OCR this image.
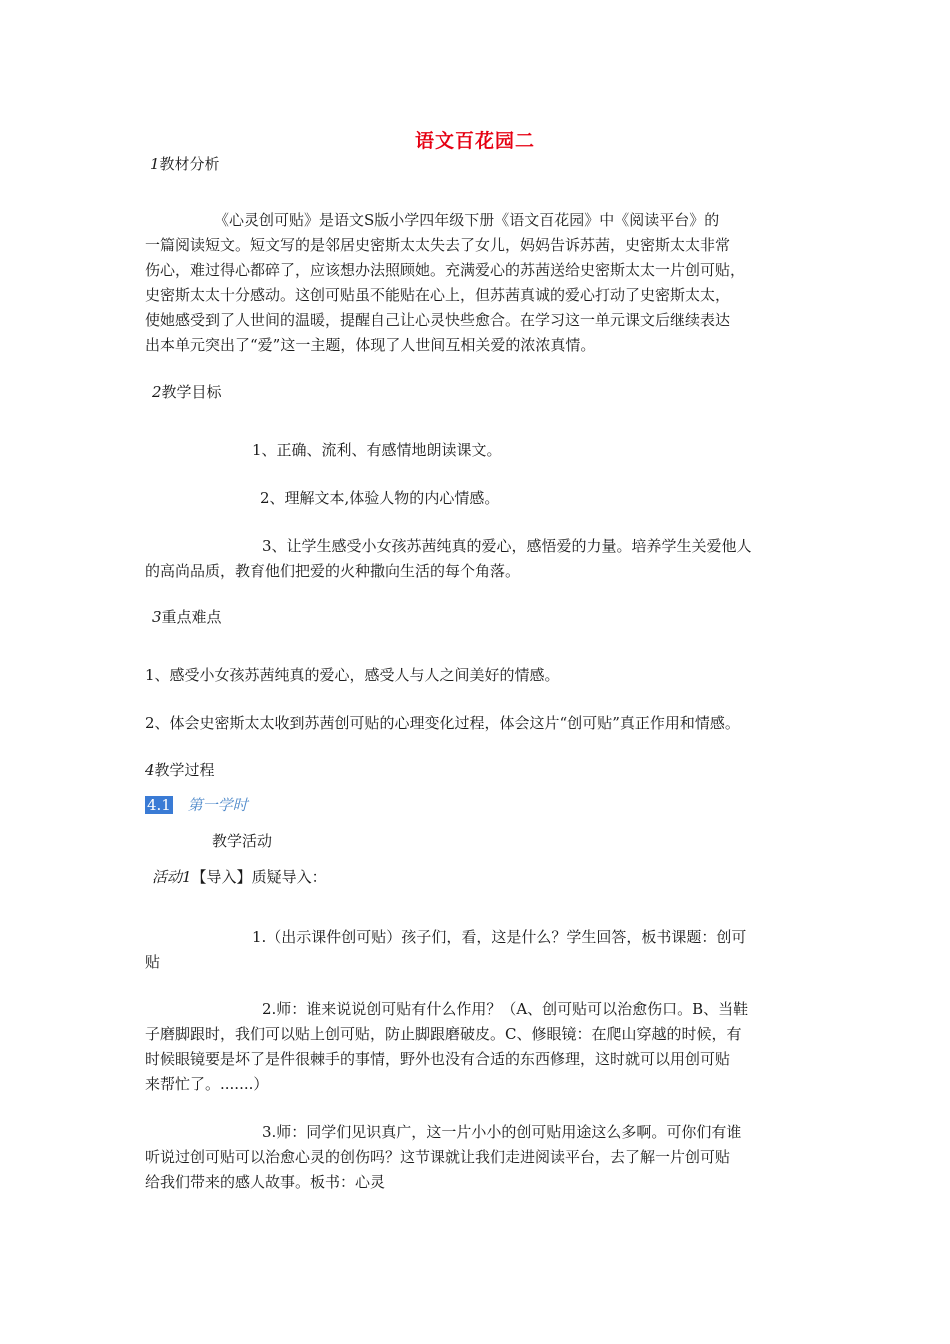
语文百花园二
1教材分析
《心灵创可贴》是语文S版小学四年级下册《语文百花园》中《阅读平台》的
一篇阅读短文。短文写的是邻居史密斯太太失去了女儿，妈妈告诉苏茜，史密斯太太非常
伤心，难过得心都碎了，应该想办法照顾她。充满爱心的苏茜送给史密斯太太一片创可贴，
史密斯太太十分感动。这创可贴虽不能贴在心上，但苏茜真诚的爱心打动了史密斯太太，
使她感受到了人世间的温暖，提醒自己让心灵快些愈合。在学习这一单元课文后继续表达
出本单元突出了“爱”这一主题，体现了人世间互相关爱的浓浓真情。
2教学目标
1、正确、流利、有感情地朗读课文。
2、理解文本,体验人物的内心情感。
3、让学生感受小女孩苏茜纯真的爱心，感悟爱的力量。培养学生关爱他人
的高尚品质，教育他们把爱的火种撒向生活的每个角落。
3重点难点
1、感受小女孩苏茜纯真的爱心，感受人与人之间美好的情感。
2、体会史密斯太太收到苏茜创可贴的心理变化过程，体会这片“创可贴”真正作用和情感。
4教学过程
4.1 第一学时
教学活动
活动1【导入】质疑导入：
1.（出示课件创可贴）孩子们，看，这是什么？学生回答，板书课题：创可
贴
2.师：谁来说说创可贴有什么作用？（A、创可贴可以治愈伤口。B、当鞋
子磨脚跟时，我们可以贴上创可贴，防止脚跟磨破皮。C、修眼镜：在爬山穿越的时候，有
时候眼镜要是坏了是件很棘手的事情，野外也没有合适的东西修理，这时就可以用创可贴
来帮忙了。.......）
3.师：同学们见识真广，这一片小小的创可贴用途这么多啊。可你们有谁
听说过创可贴可以治愈心灵的创伤吗？这节课就让我们走进阅读平台，去了解一片创可贴
给我们带来的感人故事。板书：心灵
